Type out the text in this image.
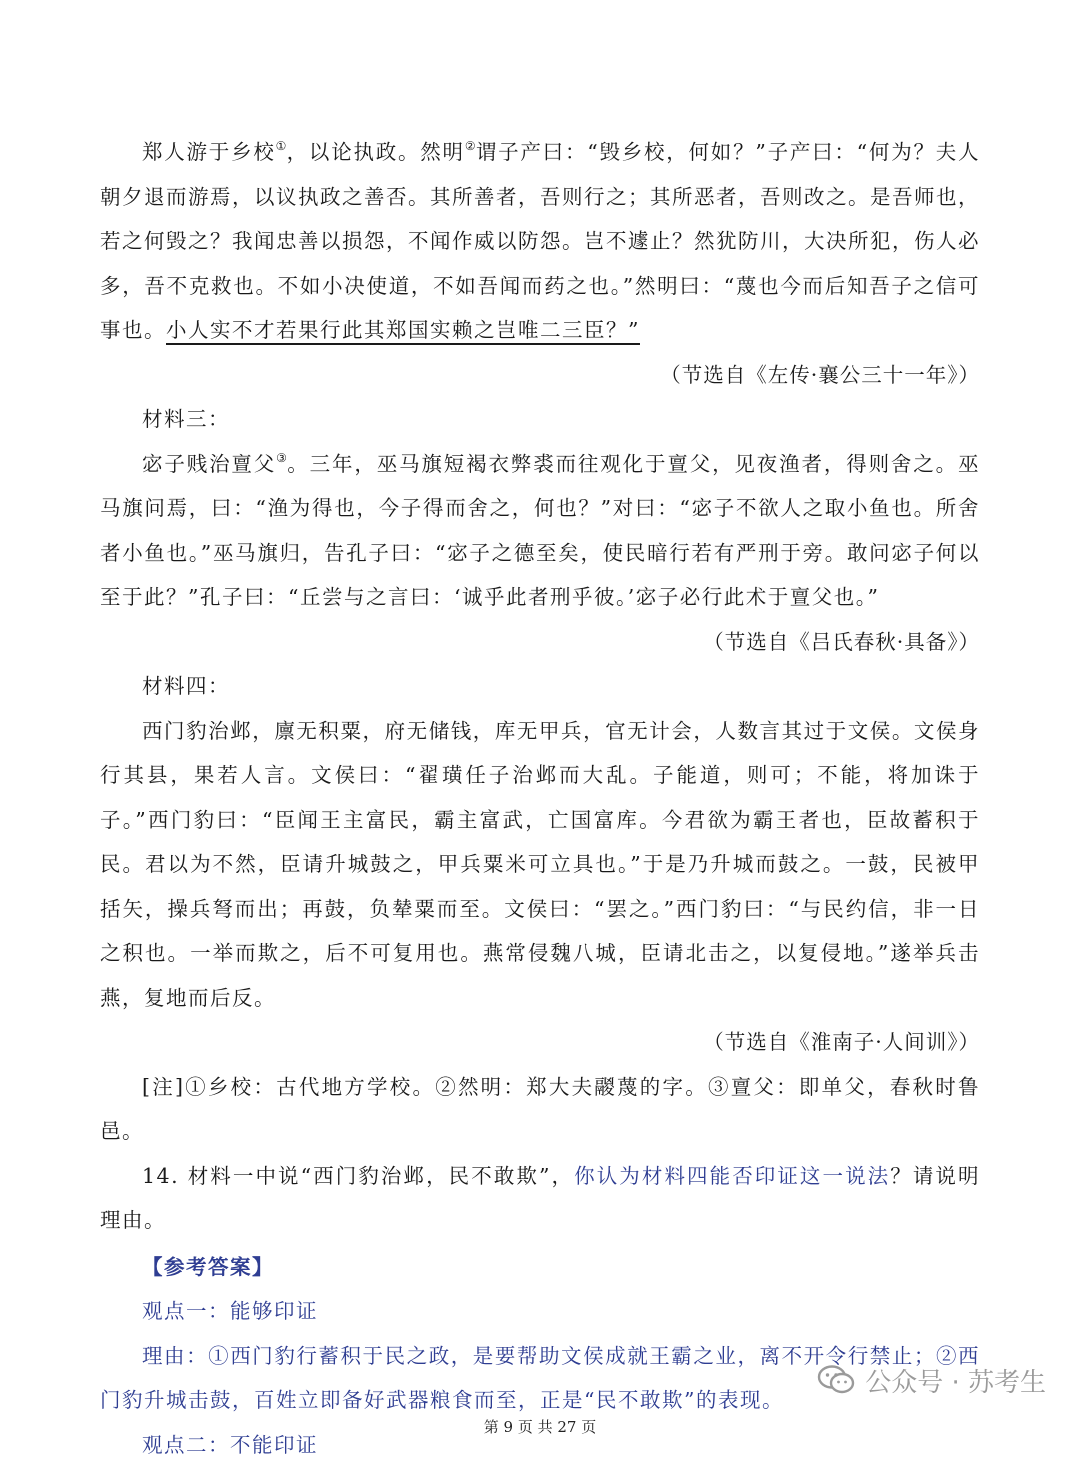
郑人游于乡校①，以论执政。然明②谓子产曰：“毁乡校，何如？”子产曰：“何为？夫人朝夕退而游焉，以议执政之善否。其所善者，吾则行之；其所恶者，吾则改之。是吾师也，若之何毁之？我闻忠善以损怨，不闻作威以防怨。岂不遽止？然犹防川，大决所犯，伤人必多，吾不克救也。不如小决使道，不如吾闻而药之也。”然明曰：“蔑也今而后知吾子之信可事也。小人实不才若果行此其郑国实赖之岂唯二三臣？”

（节选自《左传·襄公三十一年》）

材料三：

宓子贱治亶父③。三年，巫马旗短褐衣弊裘而往观化于亶父，见夜渔者，得则舍之。巫马旗问焉，曰：“渔为得也，今子得而舍之，何也？”对曰：“宓子不欲人之取小鱼也。所舍者小鱼也。”巫马旗归，告孔子曰：“宓子之德至矣，使民暗行若有严刑于旁。敢问宓子何以至于此？”孔子曰：“丘尝与之言曰：‘诚乎此者刑乎彼。’宓子必行此术于亶父也。”

（节选自《吕氏春秋·具备》）

材料四：

西门豹治邺，廪无积粟，府无储钱，库无甲兵，官无计会，人数言其过于文侯。文侯身行其县，果若人言。文侯曰：“翟璜任子治邺而大乱。子能道，则可；不能，将加诛于子。”西门豹曰：“臣闻王主富民，霸主富武，亡国富库。今君欲为霸王者也，臣故蓄积于民。君以为不然，臣请升城鼓之，甲兵粟米可立具也。”于是乃升城而鼓之。一鼓，民被甲括矢，操兵弩而出；再鼓，负辇粟而至。文侯曰：“罢之。”西门豹曰：“与民约信，非一日之积也。一举而欺之，后不可复用也。燕常侵魏八城，臣请北击之，以复侵地。”遂举兵击燕，复地而后反。

（节选自《淮南子·人间训》）

[注]①乡校：古代地方学校。②然明：郑大夫鬷蔑的字。③亶父：即单父，春秋时鲁邑。

14. 材料一中说“西门豹治邺，民不敢欺”，你认为材料四能否印证这一说法？请说明理由。

【参考答案】

观点一：能够印证

理由：①西门豹行蓄积于民之政，是要帮助文侯成就王霸之业，离不开令行禁止；②西门豹升城击鼓，百姓立即备好武器粮食而至，正是“民不敢欺”的表现。

观点二：不能印证

公众号 · 苏考生
第 9 页 共 27 页
